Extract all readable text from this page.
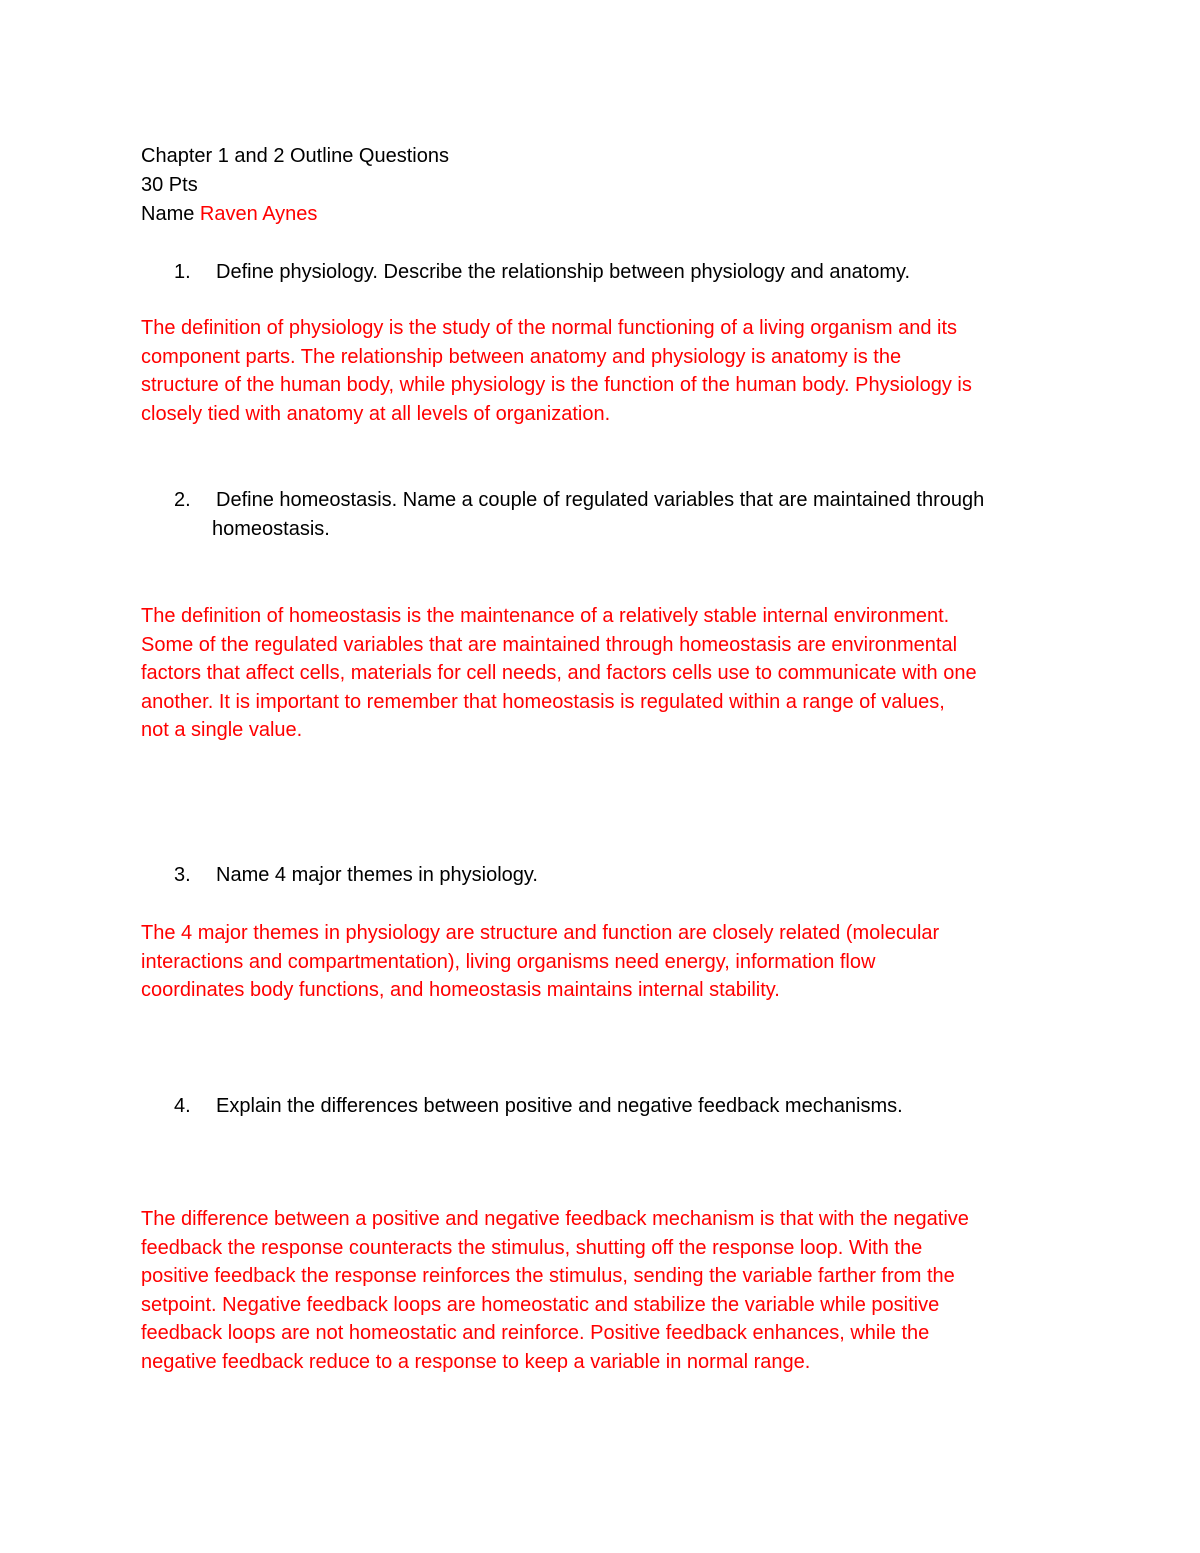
Chapter 1 and 2 Outline Questions

30 Pts

Name Raven Aynes

1. Define physiology. Describe the relationship between physiology and anatomy.
The definition of physiology is the study of the normal functioning of a living organism and its
component parts. The relationship between anatomy and physiology is anatomy is the
structure of the human body, while physiology is the function of the human body. Physiology is
closely tied with anatomy at all levels of organization.
2. Define homeostasis. Name a couple of regulated variables that are maintained through
homeostasis.
The definition of homeostasis is the maintenance of a relatively stable internal environment.
Some of the regulated variables that are maintained through homeostasis are environmental
factors that affect cells, materials for cell needs, and factors cells use to communicate with one
another. It is important to remember that homeostasis is regulated within a range of values,
not a single value.
3. Name 4 major themes in physiology.
The 4 major themes in physiology are structure and function are closely related (molecular
interactions and compartmentation), living organisms need energy, information flow
coordinates body functions, and homeostasis maintains internal stability.
4. Explain the differences between positive and negative feedback mechanisms.
The difference between a positive and negative feedback mechanism is that with the negative
feedback the response counteracts the stimulus, shutting off the response loop. With the
positive feedback the response reinforces the stimulus, sending the variable farther from the
setpoint. Negative feedback loops are homeostatic and stabilize the variable while positive
feedback loops are not homeostatic and reinforce. Positive feedback enhances, while the
negative feedback reduce to a response to keep a variable in normal range.
